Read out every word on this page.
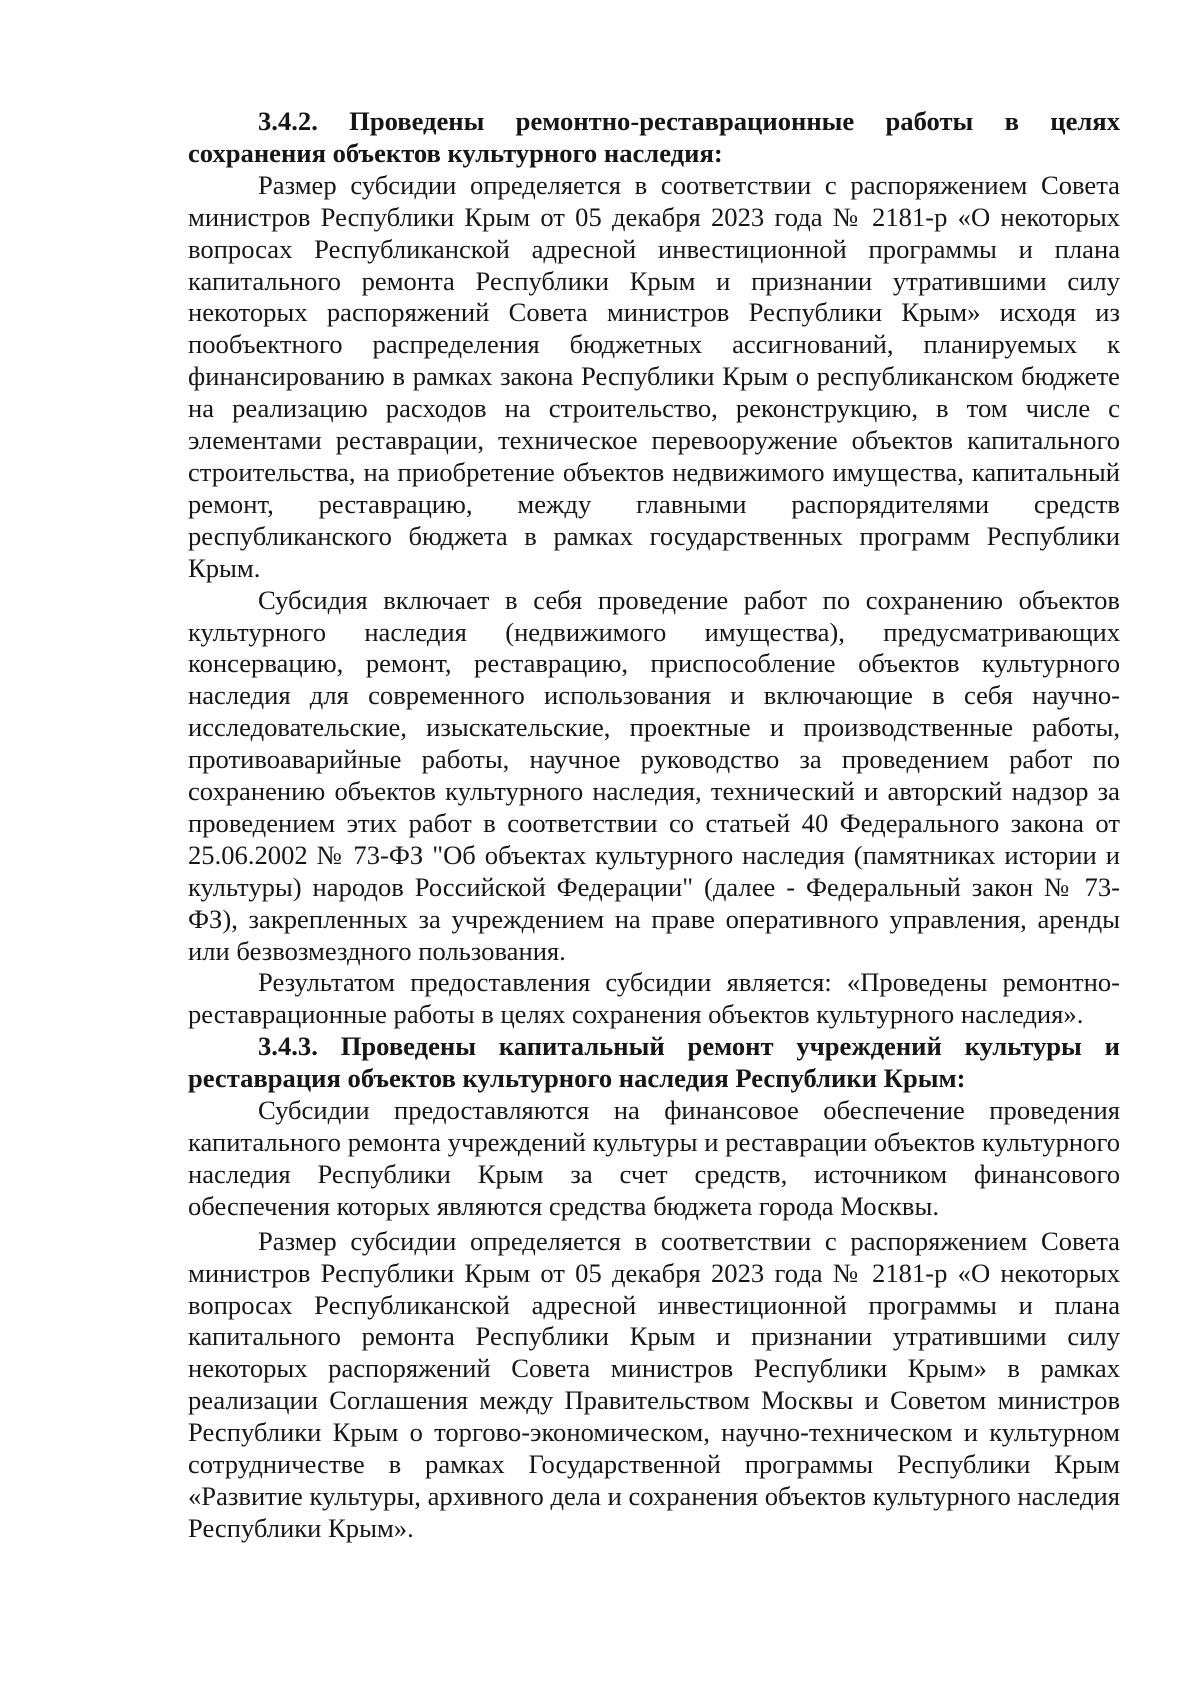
3.4.2. Проведены ремонтно-реставрационные работы в целях сохранения объектов культурного наследия:

Размер субсидии определяется в соответствии с распоряжением Совета министров Республики Крым от 05 декабря 2023 года № 2181-р «О некоторых вопросах Республиканской адресной инвестиционной программы и плана капитального ремонта Республики Крым и признании утратившими силу некоторых распоряжений Совета министров Республики Крым» исходя из пообъектного распределения бюджетных ассигнований, планируемых к финансированию в рамках закона Республики Крым о республиканском бюджете на реализацию расходов на строительство, реконструкцию, в том числе с элементами реставрации, техническое перевооружение объектов капитального строительства, на приобретение объектов недвижимого имущества, капитальный ремонт, реставрацию, между главными распорядителями средств республиканского бюджета в рамках государственных программ Республики Крым.

Субсидия включает в себя проведение работ по сохранению объектов культурного наследия (недвижимого имущества), предусматривающих консервацию, ремонт, реставрацию, приспособление объектов культурного наследия для современного использования и включающие в себя научно-исследовательские, изыскательские, проектные и производственные работы, противоаварийные работы, научное руководство за проведением работ по сохранению объектов культурного наследия, технический и авторский надзор за проведением этих работ в соответствии со статьей 40 Федерального закона от 25.06.2002 № 73-ФЗ "Об объектах культурного наследия (памятниках истории и культуры) народов Российской Федерации" (далее - Федеральный закон № 73-ФЗ), закрепленных за учреждением на праве оперативного управления, аренды или безвозмездного пользования.

Результатом предоставления субсидии является: «Проведены ремонтно-реставрационные работы в целях сохранения объектов культурного наследия».

3.4.3. Проведены капитальный ремонт учреждений культуры и реставрация объектов культурного наследия Республики Крым:

Субсидии предоставляются на финансовое обеспечение проведения капитального ремонта учреждений культуры и реставрации объектов культурного наследия Республики Крым за счет средств, источником финансового обеспечения которых являются средства бюджета города Москвы.

Размер субсидии определяется в соответствии с распоряжением Совета министров Республики Крым от 05 декабря 2023 года № 2181-р «О некоторых вопросах Республиканской адресной инвестиционной программы и плана капитального ремонта Республики Крым и признании утратившими силу некоторых распоряжений Совета министров Республики Крым» в рамках реализации Соглашения между Правительством Москвы и Советом министров Республики Крым о торгово-экономическом, научно-техническом и культурном сотрудничестве в рамках Государственной программы Республики Крым «Развитие культуры, архивного дела и сохранения объектов культурного наследия Республики Крым».
